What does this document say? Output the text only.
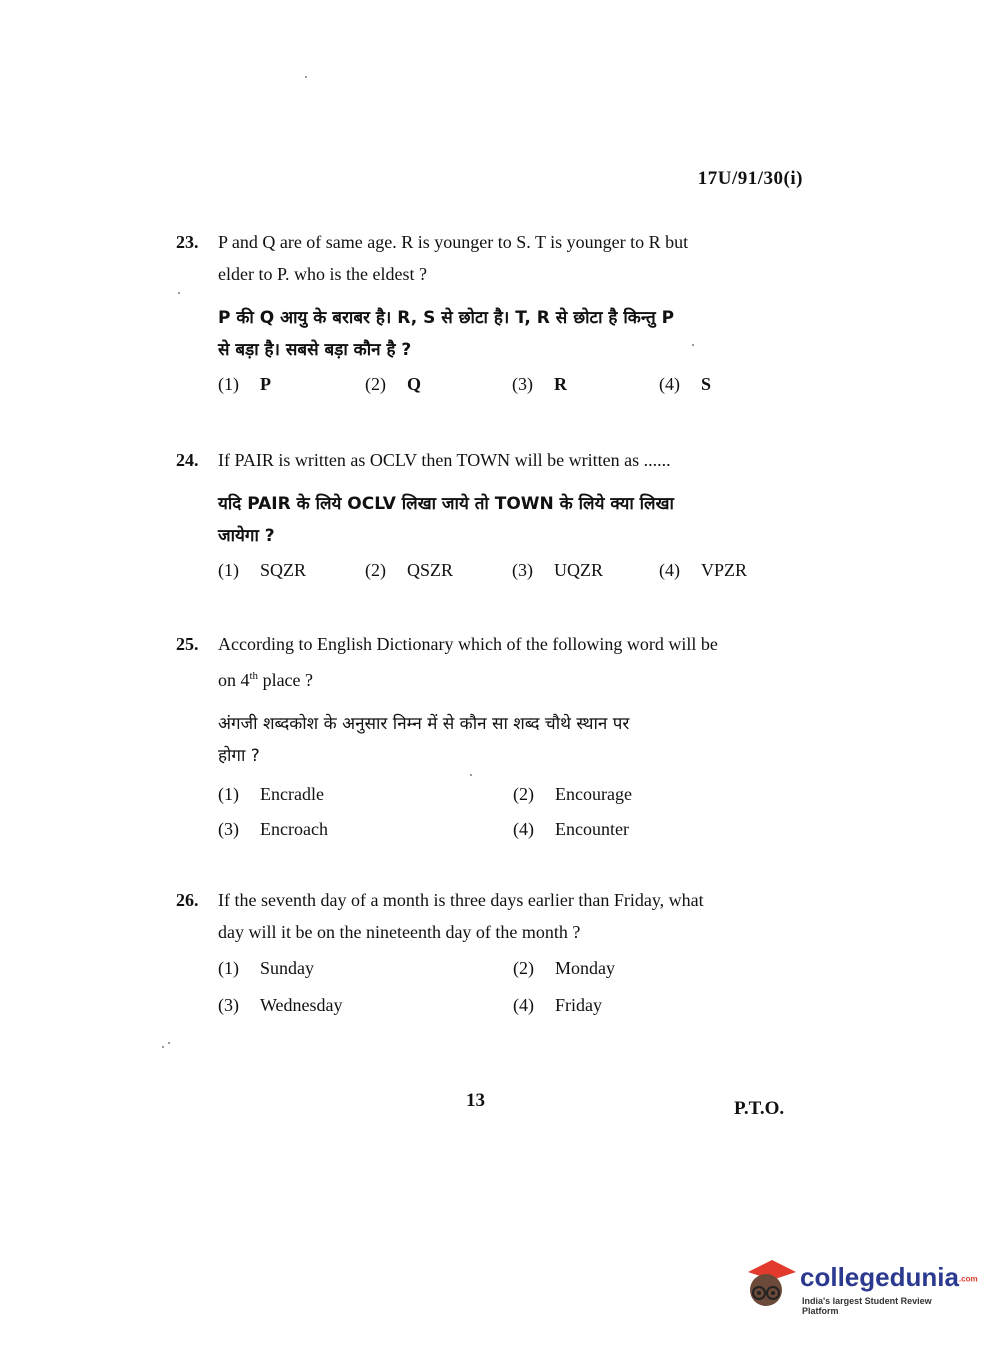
17U/91/30(i)
23. P and Q are of same age. R is younger to S. T is younger to R but
elder to P. who is the eldest ?
P की Q आयु के बराबर है। R, S से छोटा है। T, R से छोटा है किन्तु P
से बड़ा है। सबसे बड़ा कौन है ?
(1) P	(2) Q	(3) R	(4) S
24. If PAIR is written as OCLV then TOWN will be written as ......
यदि PAIR के लिये OCLV लिखा जाये तो TOWN के लिये क्या लिखा
जायेगा ?
(1) SQZR	(2) QSZR	(3) UQZR	(4) VPZR
25. According to English Dictionary which of the following word will be
on 4th place ?
अंगजी शब्दकोश के अनुसार निम्न में से कौन सा शब्द चौथे स्थान पर
होगा ?
(1) Encradle	(2) Encourage
(3) Encroach	(4) Encounter
26. If the seventh day of a month is three days earlier than Friday, what
day will it be on the nineteenth day of the month ?
(1) Sunday	(2) Monday
(3) Wednesday	(4) Friday
13	P.T.O.
collegedunia.com
India's largest Student Review Platform
